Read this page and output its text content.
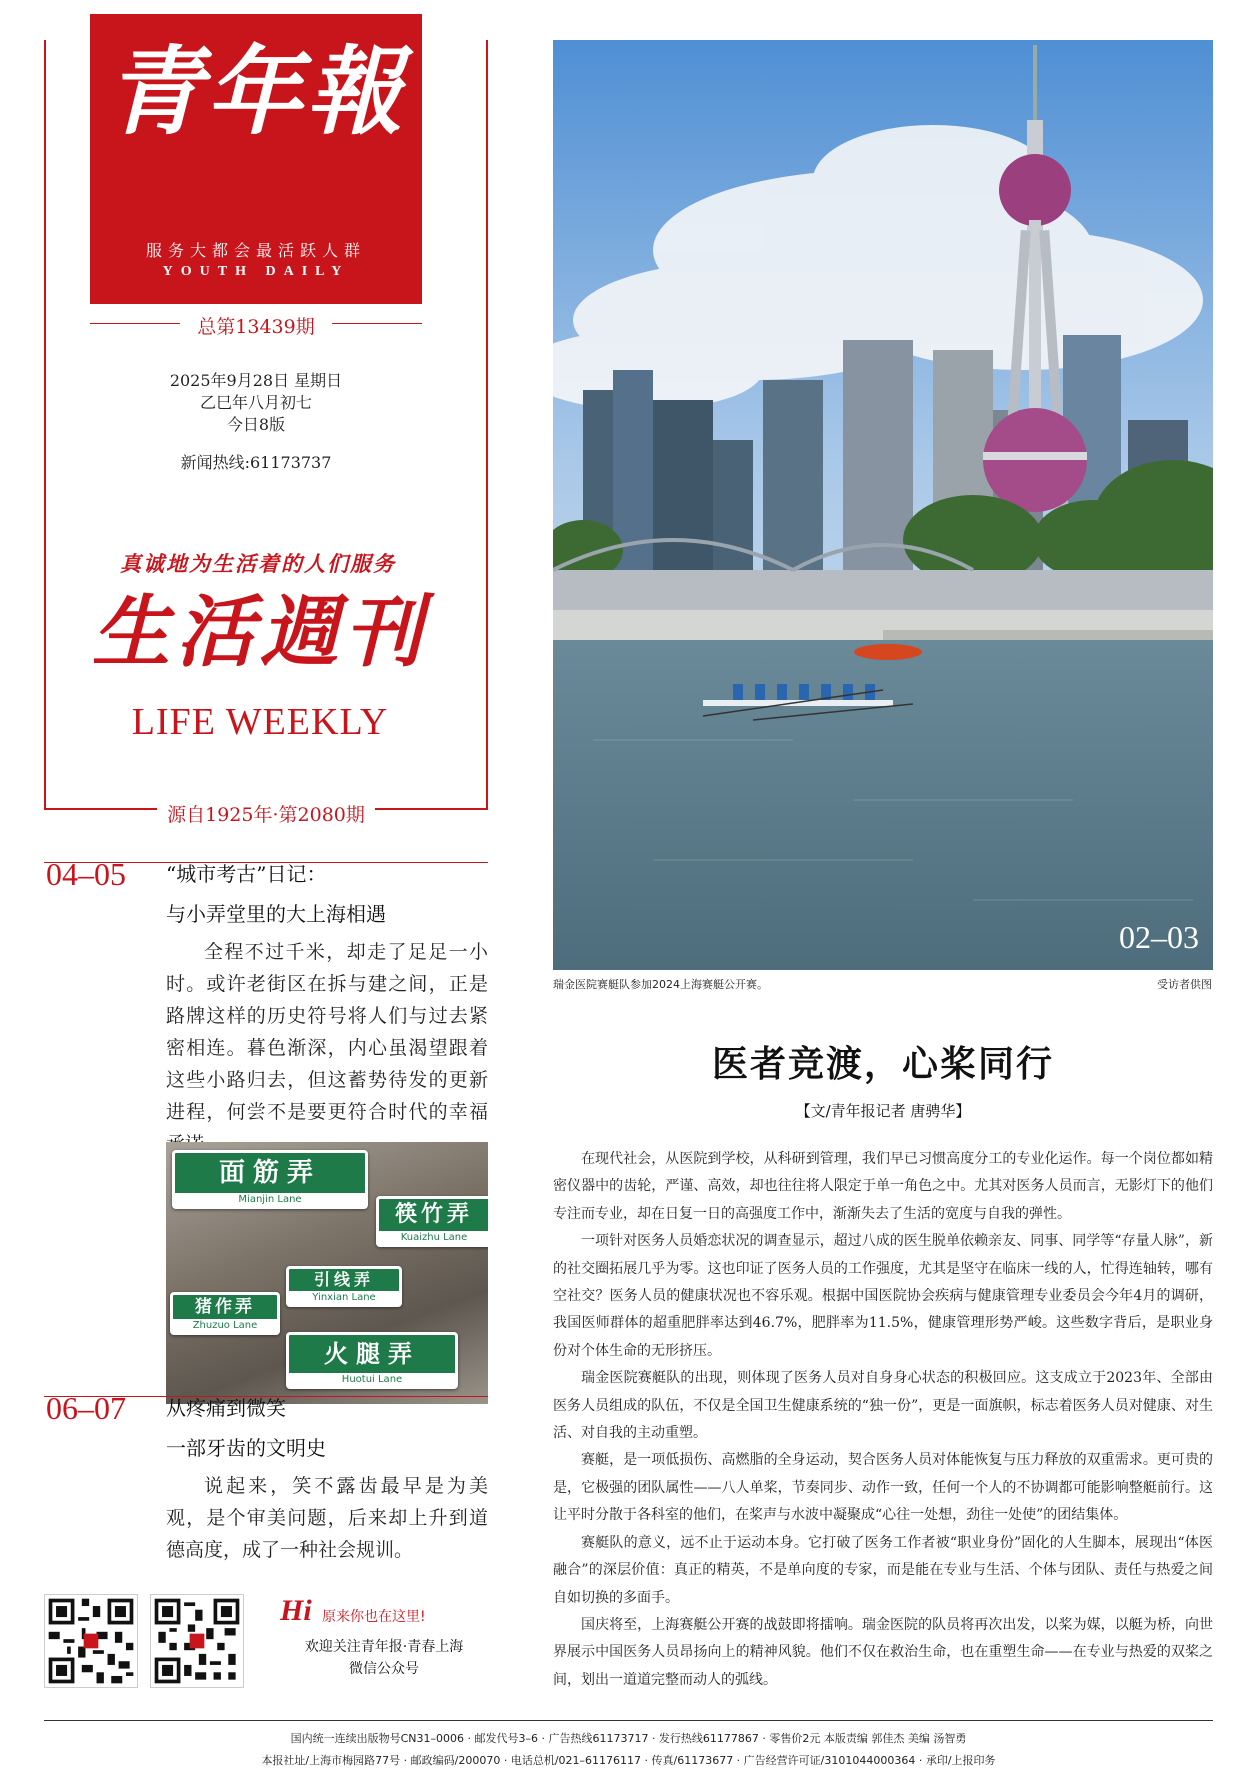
青年報
服务大都会最活跃人群
YOUTH DAILY
总第13439期
2025年9月28日 星期日
乙巳年八月初七
今日8版
新闻热线:61173737
真诚地为生活着的人们服务
生活週刊
LIFE WEEKLY
源自1925年·第2080期
04–05 “城市考古”日记：
与小弄堂里的大上海相遇
全程不过千米，却走了足足一小时。或许老街区在拆与建之间，正是路牌这样的历史符号将人们与过去紧密相连。暮色渐深，内心虽渴望跟着这些小路归去，但这蓄势待发的更新进程，何尝不是要更符合时代的幸福
面筋弄
Mianjin Lane
筷竹弄
Kuaizhu Lane
引线弄
Yinxian Lane
猪作弄
Zhuzuo Lane
火腿弄
Huotui Lane
06–07 从疼痛到微笑
一部牙齿的文明史
说起来，笑不露齿最早是为美观，是个审美问题，后来却上升到道德高度，成了一种社会规训。
Hi 原来你也在这里!
欢迎关注青年报·青春上海
微信公众号
02–03
瑞金医院赛艇队参加2024上海赛艇公开赛。	受访者供图
医者竞渡，心桨同行
【文/青年报记者 唐骋华】

在现代社会，从医院到学校，从科研到管理，我们早已习惯高度分工的专业化运作。每一个岗位都如精密仪器中的齿轮，严谨、高效，却也往往将人限定于单一角色之中。尤其对医务人员而言，无影灯下的他们专注而专业，却在日复一日的高强度工作中，渐渐失去了生活的宽度与自我的弹性。

一项针对医务人员婚恋状况的调查显示，超过八成的医生脱单依赖亲友、同事、同学等“存量人脉”，新的社交圈拓展几乎为零。这也印证了医务人员的工作强度，尤其是坚守在临床一线的人，忙得连轴转，哪有空社交？医务人员的健康状况也不容乐观。根据中国医院协会疾病与健康管理专业委员会今年4月的调研，我国医师群体的超重肥胖率达到46.7%，肥胖率为11.5%，健康管理形势严峻。这些数字背后，是职业身份对个体生命的无形挤压。

瑞金医院赛艇队的出现，则体现了医务人员对自身身心状态的积极回应。这支成立于2023年、全部由医务人员组成的队伍，不仅是全国卫生健康系统的“独一份”，更是一面旗帜，标志着医务人员对健康、对生活、对自我的主动重塑。

赛艇，是一项低损伤、高燃脂的全身运动，契合医务人员对体能恢复与压力释放的双重需求。更可贵的是，它极强的团队属性——八人单桨，节奏同步、动作一致，任何一个人的不协调都可能影响整艇前行。这让平时分散于各科室的他们，在桨声与水波中凝聚成“心往一处想，劲往一处使”的团结集体。

赛艇队的意义，远不止于运动本身。它打破了医务工作者被“职业身份”固化的人生脚本，展现出“体医融合”的深层价值：真正的精英，不是单向度的专家，而是能在专业与生活、个体与团队、责任与热爱之间自如切换的多面手。

国庆将至，上海赛艇公开赛的战鼓即将擂响。瑞金医院的队员将再次出发，以桨为媒，以艇为桥，向世界展示中国医务人员昂扬向上的精神风貌。他们不仅在救治生命，也在重塑生命——在专业与热爱的双桨之间，划出一道道完整而动人的弧线。

国内统一连续出版物号CN31–0006 · 邮发代号3–6 · 广告热线61173717 · 发行热线61177867 · 零售价2元 本版责编 郭佳杰 美编 汤智勇
本报社址/上海市梅园路77号 · 邮政编码/200070 · 电话总机/021–61176117 · 传真/61173677 · 广告经营许可证/3101044000364 · 承印/上报印务
